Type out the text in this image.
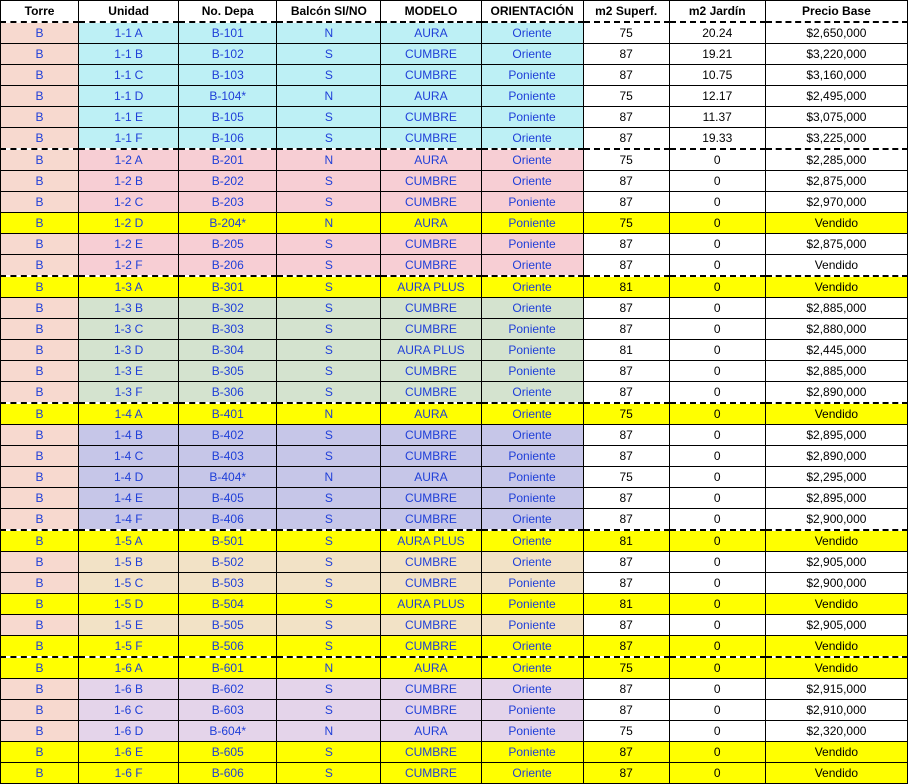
Torre	Unidad	No. Depa	Balcón SI/NO	MODELO	ORIENTACIÓN	m2 Superf.	m2 Jardín	Precio Base
B	1-1 A	B-101	N	AURA	Oriente	75	20.24	$2,650,000
B	1-1 B	B-102	S	CUMBRE	Oriente	87	19.21	$3,220,000
B	1-1 C	B-103	S	CUMBRE	Poniente	87	10.75	$3,160,000
B	1-1 D	B-104*	N	AURA	Poniente	75	12.17	$2,495,000
B	1-1 E	B-105	S	CUMBRE	Poniente	87	11.37	$3,075,000
B	1-1 F	B-106	S	CUMBRE	Oriente	87	19.33	$3,225,000
B	1-2 A	B-201	N	AURA	Oriente	75	0	$2,285,000
B	1-2 B	B-202	S	CUMBRE	Oriente	87	0	$2,875,000
B	1-2 C	B-203	S	CUMBRE	Poniente	87	0	$2,970,000
B	1-2 D	B-204*	N	AURA	Poniente	75	0	Vendido
B	1-2 E	B-205	S	CUMBRE	Poniente	87	0	$2,875,000
B	1-2 F	B-206	S	CUMBRE	Oriente	87	0	Vendido
B	1-3 A	B-301	S	AURA PLUS	Oriente	81	0	Vendido
B	1-3 B	B-302	S	CUMBRE	Oriente	87	0	$2,885,000
B	1-3 C	B-303	S	CUMBRE	Poniente	87	0	$2,880,000
B	1-3 D	B-304	S	AURA PLUS	Poniente	81	0	$2,445,000
B	1-3 E	B-305	S	CUMBRE	Poniente	87	0	$2,885,000
B	1-3 F	B-306	S	CUMBRE	Oriente	87	0	$2,890,000
B	1-4 A	B-401	N	AURA	Oriente	75	0	Vendido
B	1-4 B	B-402	S	CUMBRE	Oriente	87	0	$2,895,000
B	1-4 C	B-403	S	CUMBRE	Poniente	87	0	$2,890,000
B	1-4 D	B-404*	N	AURA	Poniente	75	0	$2,295,000
B	1-4 E	B-405	S	CUMBRE	Poniente	87	0	$2,895,000
B	1-4 F	B-406	S	CUMBRE	Oriente	87	0	$2,900,000
B	1-5 A	B-501	S	AURA PLUS	Oriente	81	0	Vendido
B	1-5 B	B-502	S	CUMBRE	Oriente	87	0	$2,905,000
B	1-5 C	B-503	S	CUMBRE	Poniente	87	0	$2,900,000
B	1-5 D	B-504	S	AURA PLUS	Poniente	81	0	Vendido
B	1-5 E	B-505	S	CUMBRE	Poniente	87	0	$2,905,000
B	1-5 F	B-506	S	CUMBRE	Oriente	87	0	Vendido
B	1-6 A	B-601	N	AURA	Oriente	75	0	Vendido
B	1-6 B	B-602	S	CUMBRE	Oriente	87	0	$2,915,000
B	1-6 C	B-603	S	CUMBRE	Poniente	87	0	$2,910,000
B	1-6 D	B-604*	N	AURA	Poniente	75	0	$2,320,000
B	1-6 E	B-605	S	CUMBRE	Poniente	87	0	Vendido
B	1-6 F	B-606	S	CUMBRE	Oriente	87	0	Vendido
